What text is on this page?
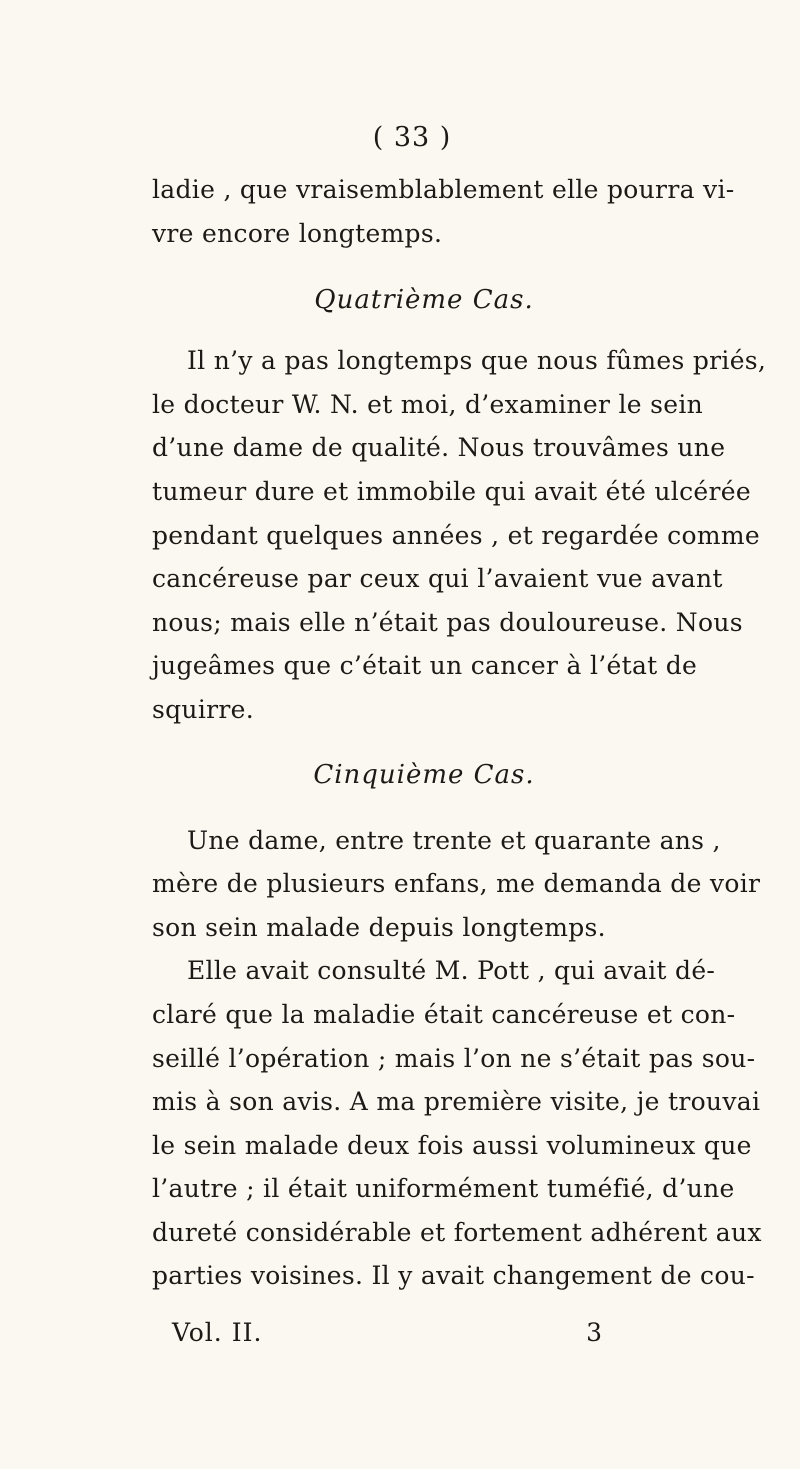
( 33 )
ladie , que vraisemblablement elle pourra vi-
vre encore longtemps.
Quatrième Cas.
Il n’y a pas longtemps que nous fûmes priés,
le docteur W. N. et moi, d’examiner le sein
d’une dame de qualité. Nous trouvâmes une
tumeur dure et immobile qui avait été ulcérée
pendant quelques années , et regardée comme
cancéreuse par ceux qui l’avaient vue avant
nous; mais elle n’était pas douloureuse. Nous
jugeâmes que c’était un cancer à l’état de
squirre.
Cinquième Cas.
Une dame, entre trente et quarante ans ,
mère de plusieurs enfans, me demanda de voir
son sein malade depuis longtemps.
Elle avait consulté M. Pott , qui avait dé-
claré que la maladie était cancéreuse et con-
seillé l’opération ; mais l’on ne s’était pas sou-
mis à son avis. A ma première visite, je trouvai
le sein malade deux fois aussi volumineux que
l’autre ; il était uniformément tuméfié, d’une
dureté considérable et fortement adhérent aux
parties voisines. Il y avait changement de cou-
Vol. II.	3
